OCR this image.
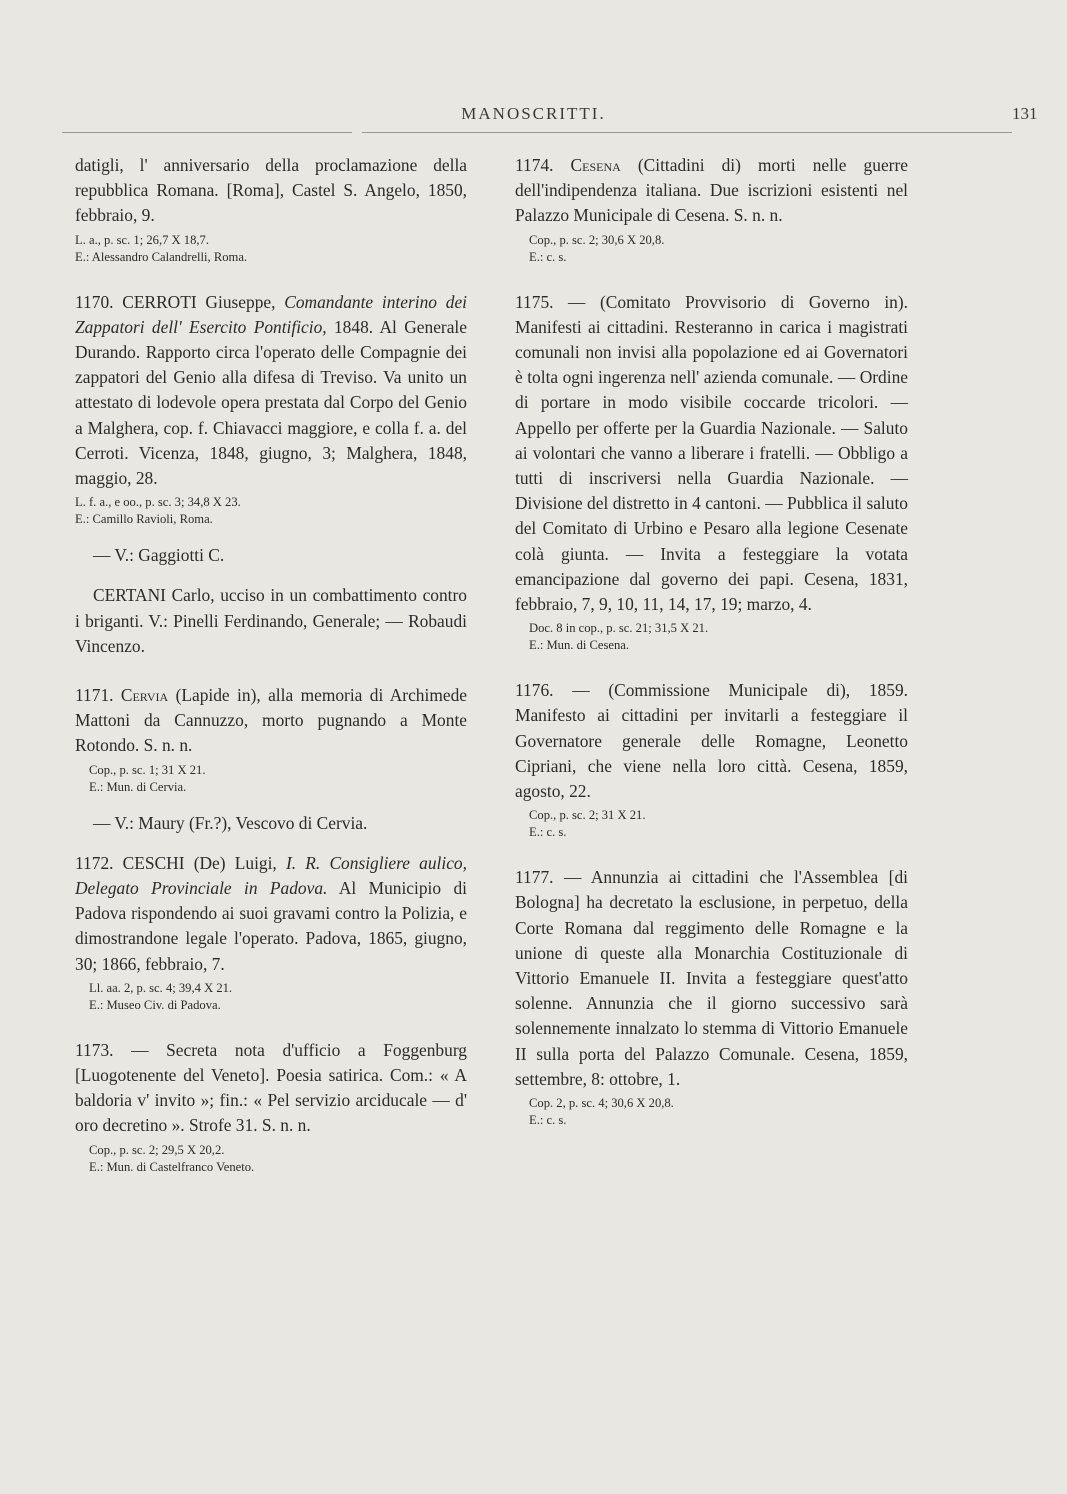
MANOSCRITTI.	131

datigli, l' anniversario della proclamazione della repubblica Romana. [Roma], Castel S. Angelo, 1850, febbraio, 9.

L. a., p. sc. 1; 26,7 X 18,7.

E.: Alessandro Calandrelli, Roma.

1170. CERROTI Giuseppe, Comandante interino dei Zappatori dell' Esercito Pontificio, 1848. Al Generale Durando. Rapporto circa l'operato delle Compagnie dei zappatori del Genio alla difesa di Treviso. Va unito un attestato di lodevole opera prestata dal Corpo del Genio a Malghera, cop. f. Chiavacci maggiore, e colla f. a. del Cerroti. Vicenza, 1848, giugno, 3; Malghera, 1848, maggio, 28.

L. f. a., e oo., p. sc. 3; 34,8 X 23.

E.: Camillo Ravioli, Roma.

— V.: Gaggiotti C.

CERTANI Carlo, ucciso in un combattimento contro i briganti. V.: Pinelli Ferdinando, Generale; — Robaudi Vincenzo.

1171. Cervia (Lapide in), alla memoria di Archimede Mattoni da Cannuzzo, morto pugnando a Monte Rotondo. S. n. n.

Cop., p. sc. 1; 31 X 21.

E.: Mun. di Cervia.

— V.: Maury (Fr.?), Vescovo di Cervia.

1172. CESCHI (De) Luigi, I. R. Consigliere aulico, Delegato Provinciale in Padova. Al Municipio di Padova rispondendo ai suoi gravami contro la Polizia, e dimostrandone legale l'operato. Padova, 1865, giugno, 30; 1866, febbraio, 7.

Ll. aa. 2, p. sc. 4; 39,4 X 21.

E.: Museo Civ. di Padova.

1173. — Secreta nota d'ufficio a Foggenburg [Luogotenente del Veneto]. Poesia satirica. Com.: « A baldoria v' invito »; fin.: « Pel servizio arciducale — d' oro decretino ». Strofe 31. S. n. n.

Cop., p. sc. 2; 29,5 X 20,2.

E.: Mun. di Castelfranco Veneto.

1174. Cesena (Cittadini di) morti nelle guerre dell'indipendenza italiana. Due iscrizioni esistenti nel Palazzo Municipale di Cesena. S. n. n.

Cop., p. sc. 2; 30,6 X 20,8.

E.: c. s.

1175. — (Comitato Provvisorio di Governo in). Manifesti ai cittadini. Resteranno in carica i magistrati comunali non invisi alla popolazione ed ai Governatori è tolta ogni ingerenza nell' azienda comunale. — Ordine di portare in modo visibile coccarde tricolori. — Appello per offerte per la Guardia Nazionale. — Saluto ai volontari che vanno a liberare i fratelli. — Obbligo a tutti di inscriversi nella Guardia Nazionale. — Divisione del distretto in 4 cantoni. — Pubblica il saluto del Comitato di Urbino e Pesaro alla legione Cesenate colà giunta. — Invita a festeggiare la votata emancipazione dal governo dei papi. Cesena, 1831, febbraio, 7, 9, 10, 11, 14, 17, 19; marzo, 4.

Doc. 8 in cop., p. sc. 21; 31,5 X 21.

E.: Mun. di Cesena.

1176. — (Commissione Municipale di), 1859. Manifesto ai cittadini per invitarli a festeggiare il Governatore generale delle Romagne, Leonetto Cipriani, che viene nella loro città. Cesena, 1859, agosto, 22.

Cop., p. sc. 2; 31 X 21.

E.: c. s.

1177. — Annunzia ai cittadini che l'Assemblea [di Bologna] ha decretato la esclusione, in perpetuo, della Corte Romana dal reggimento delle Romagne e la unione di queste alla Monarchia Costituzionale di Vittorio Emanuele II. Invita a festeggiare quest'atto solenne. Annunzia che il giorno successivo sarà solennemente innalzato lo stemma di Vittorio Emanuele II sulla porta del Palazzo Comunale. Cesena, 1859, settembre, 8: ottobre, 1.

Cop. 2, p. sc. 4; 30,6 X 20,8.

E.: c. s.
